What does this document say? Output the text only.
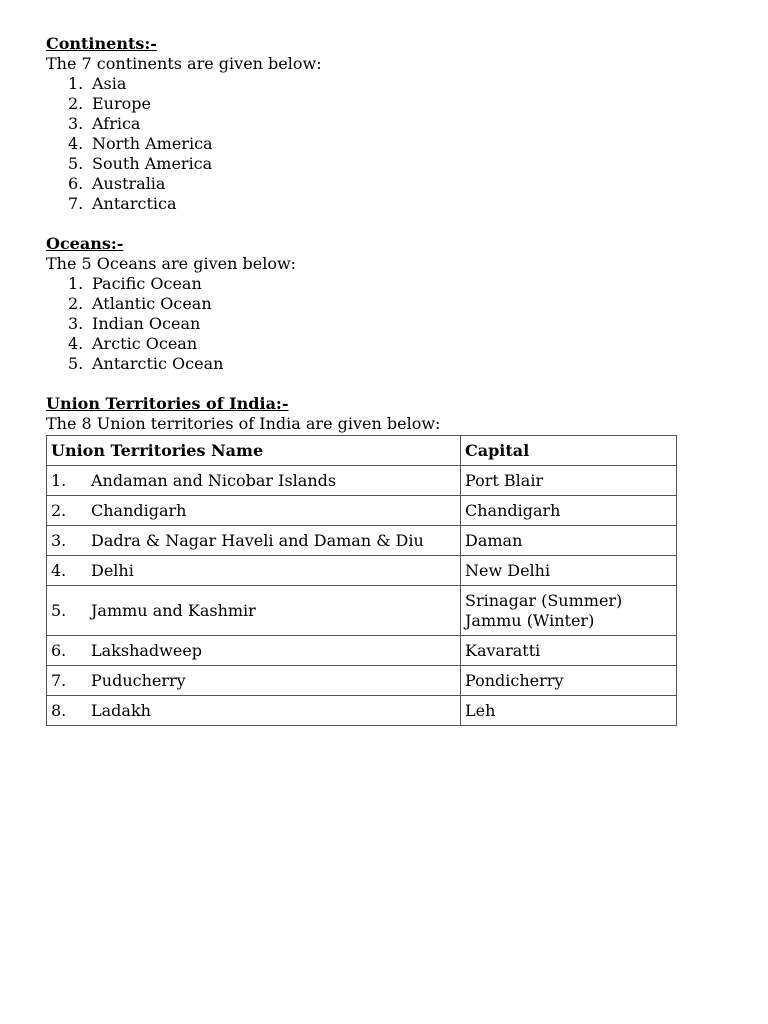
Continents:-
The 7 continents are given below:
1. Asia
2. Europe
3. Africa
4. North America
5. South America
6. Australia
7. Antarctica
Oceans:-
The 5 Oceans are given below:
1. Pacific Ocean
2. Atlantic Ocean
3. Indian Ocean
4. Arctic Ocean
5. Antarctic Ocean
Union Territories of India:-
The 8 Union territories of India are given below:
Union Territories Name	Capital
1. Andaman and Nicobar Islands	Port Blair

2. Chandigarh	Chandigarh

3. Dadra & Nagar Haveli and Daman & Diu	Daman

4. Delhi	New Delhi

5. Jammu and Kashmir	Srinagar (Summer)
Jammu (Winter)

6. Lakshadweep	Kavaratti

7. Puducherry	Pondicherry

8. Ladakh	Leh
